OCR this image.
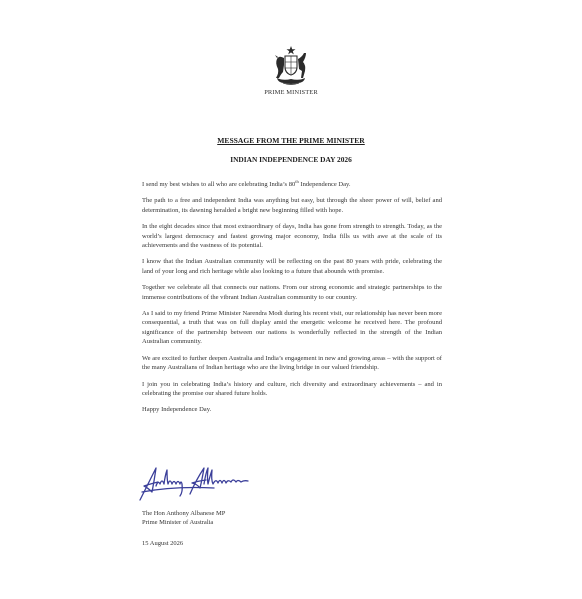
PRIME MINISTER
MESSAGE FROM THE PRIME MINISTER
INDIAN INDEPENDENCE DAY 2026

I send my best wishes to all who are celebrating India’s 80th Independence Day.

The path to a free and independent India was anything but easy, but through the sheer power of will, belief and determination, its dawning heralded a bright new beginning filled with hope.

In the eight decades since that most extraordinary of days, India has gone from strength to strength. Today, as the world’s largest democracy and fastest growing major economy, India fills us with awe at the scale of its achievements and the vastness of its potential.

I know that the Indian Australian community will be reflecting on the past 80 years with pride, celebrating the land of your long and rich heritage while also looking to a future that abounds with promise.

Together we celebrate all that connects our nations. From our strong economic and strategic partnerships to the immense contributions of the vibrant Indian Australian community to our country.

As I said to my friend Prime Minister Narendra Modi during his recent visit, our relationship has never been more consequential, a truth that was on full display amid the energetic welcome he received here. The profound significance of the partnership between our nations is wonderfully reflected in the strength of the Indian Australian community.

We are excited to further deepen Australia and India’s engagement in new and growing areas – with the support of the many Australians of Indian heritage who are the living bridge in our valued friendship.

I join you in celebrating India’s history and culture, rich diversity and extraordinary achievements – and in celebrating the promise our shared future holds.

Happy Independence Day.

The Hon Anthony Albanese MP
Prime Minister of Australia
15 August 2026
